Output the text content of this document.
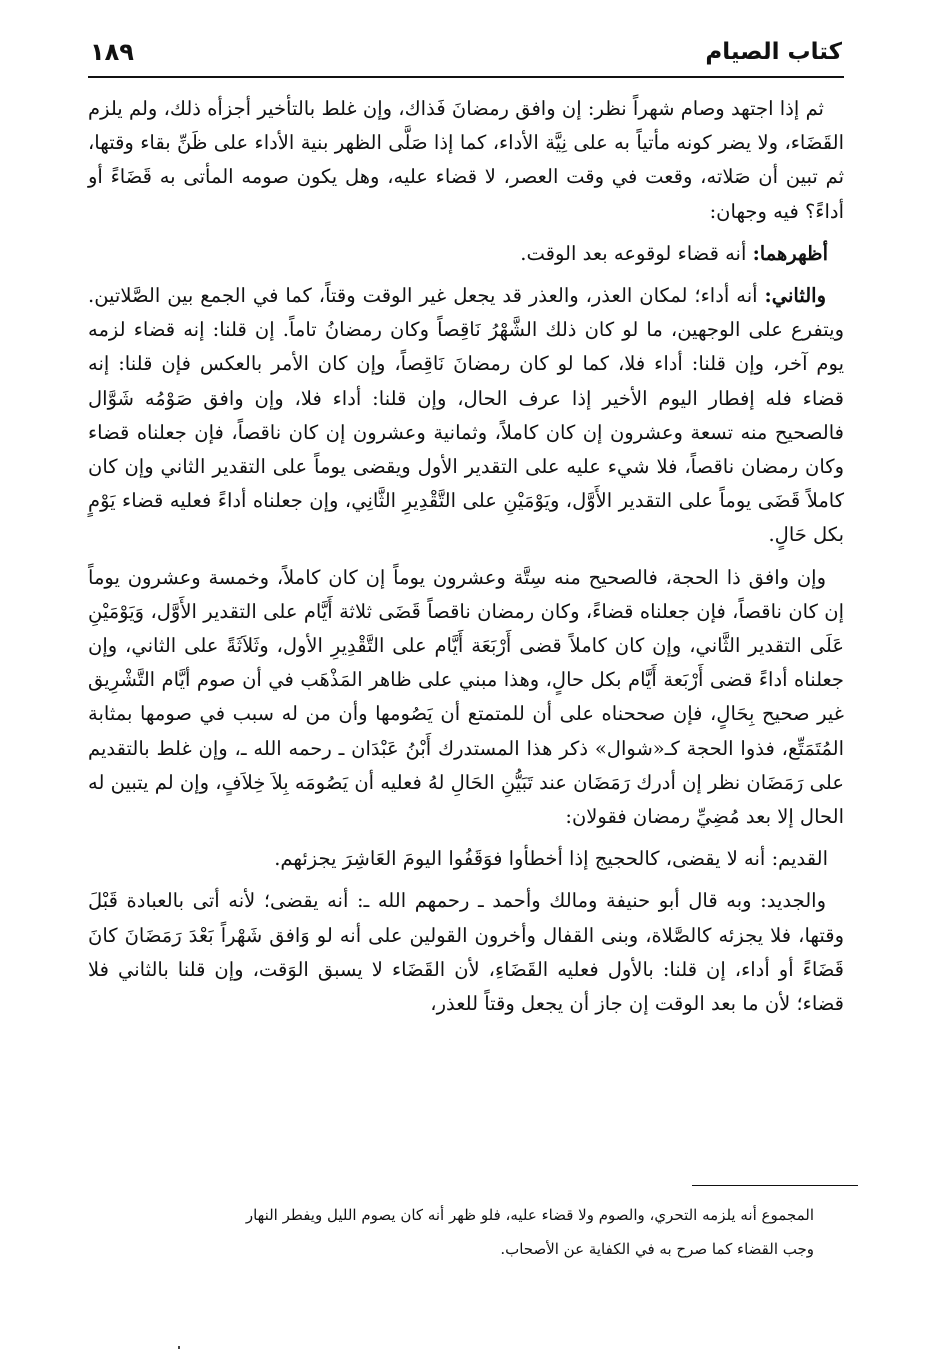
كتاب الصيام
١٨٩

ثم إذا اجتهد وصام شهراً نظر: إن وافق رمضانَ فَذاك، وإن غلط بالتأخير أجزأه ذلك، ولم يلزم القَضَاء، ولا يضر كونه مأتياً به على نِيَّة الأداء، كما إذا صَلَّى الظهر بنية الأداء على ظَنِّ بقاء وقتها، ثم تبين أن صَلاته، وقعت في وقت العصر، لا قضاء عليه، وهل يكون صومه المأتى به قَضَاءً أو أداءً؟ فيه وجهان:

أظهرهما: أنه قضاء لوقوعه بعد الوقت.

والثاني: أنه أداء؛ لمكان العذر، والعذر قد يجعل غير الوقت وقتاً، كما في الجمع بين الصَّلاتين. ويتفرع على الوجهين، ما لو كان ذلك الشَّهْرُ نَاقِصاً وكان رمضانُ تاماً. إن قلنا: إنه قضاء لزمه يوم آخر، وإن قلنا: أداء فلا، كما لو كان رمضانَ نَاقِصاً، وإن كان الأمر بالعكس فإن قلنا: إنه قضاء فله إفطار اليوم الأخير إذا عرف الحال، وإن قلنا: أداء فلا، وإن وافق صَوْمُه شَوَّال فالصحيح منه تسعة وعشرون إن كان كاملاً، وثمانية وعشرون إن كان ناقصاً، فإن جعلناه قضاء وكان رمضان ناقصاً، فلا شيء عليه على التقدير الأول ويقضى يوماً على التقدير الثاني وإن كان كاملاً قَضَى يوماً على التقدير الأَوَّل، ويَوْمَيْنِ على التَّقْدِيرِ الثَّانِي، وإن جعلناه أداءً فعليه قضاء يَوْمٍ بكل حَالٍ.

وإن وافق ذا الحجة، فالصحيح منه سِتَّة وعشرون يوماً إن كان كاملاً، وخمسة وعشرون يوماً إن كان ناقصاً، فإن جعلناه قضاءً، وكان رمضان ناقصاً قَضَى ثلاثة أَيَّام على التقدير الأَوَّل، وَيَوْمَيْنِ عَلَى التقدير الثَّاني، وإن كان كاملاً قضى أَرْبَعَة أَيَّام على التَّقْدِيرِ الأول، وثَلاَثَةً على الثاني، وإن جعلناه أداءً قضى أَرْبَعة أَيَّام بكل حالٍ، وهذا مبني على ظاهر المَذْهَب في أن صوم أيَّام التَّشْرِيق غير صحيح بِحَالٍ، فإن صححناه على أن للمتمتع أن يَصُومها وأن من له سبب في صومها بمثابة المُتَمَتِّع، فذوا الحجة كـ«شوال» ذكر هذا المستدرك أَبْنُ عَبْدَان ـ رحمه الله ـ، وإن غلط بالتقديم على رَمَضَان نظر إن أدرك رَمَضَان عند تَبَيُّنِ الحَالِ لهُ فعليه أن يَصُومَه بِلاَ خِلاَفٍ، وإن لم يتبين له الحال إلا بعد مُضِيِّ رمضان فقولان:

القديم: أنه لا يقضى، كالحجيج إذا أخطأوا فوَقَفُوا اليومَ العَاشِرَ يجزئهم.

والجديد: وبه قال أبو حنيفة ومالك وأحمد ـ رحمهم الله ـ: أنه يقضى؛ لأنه أتى بالعبادة قَبْلَ وقتها، فلا يجزئه كالصَّلاة، وبنى القفال وأخرون القولين على أنه لو وَافق شَهْراً بَعْدَ رَمَضَانَ كانَ قَضَاءً أو أداء، إن قلنا: بالأول فعليه القَضَاءِ، لأن القَضَاء لا يسبق الوَقت، وإن قلنا بالثاني فلا قضاء؛ لأن ما بعد الوقت إن جاز أن يجعل وقتاً للعذر،

المجموع أنه يلزمه التحري، والصوم ولا قضاء عليه، فلو ظهر أنه كان يصوم الليل ويفطر النهار

وجب القضاء كما صرح به في الكفاية عن الأصحاب.
